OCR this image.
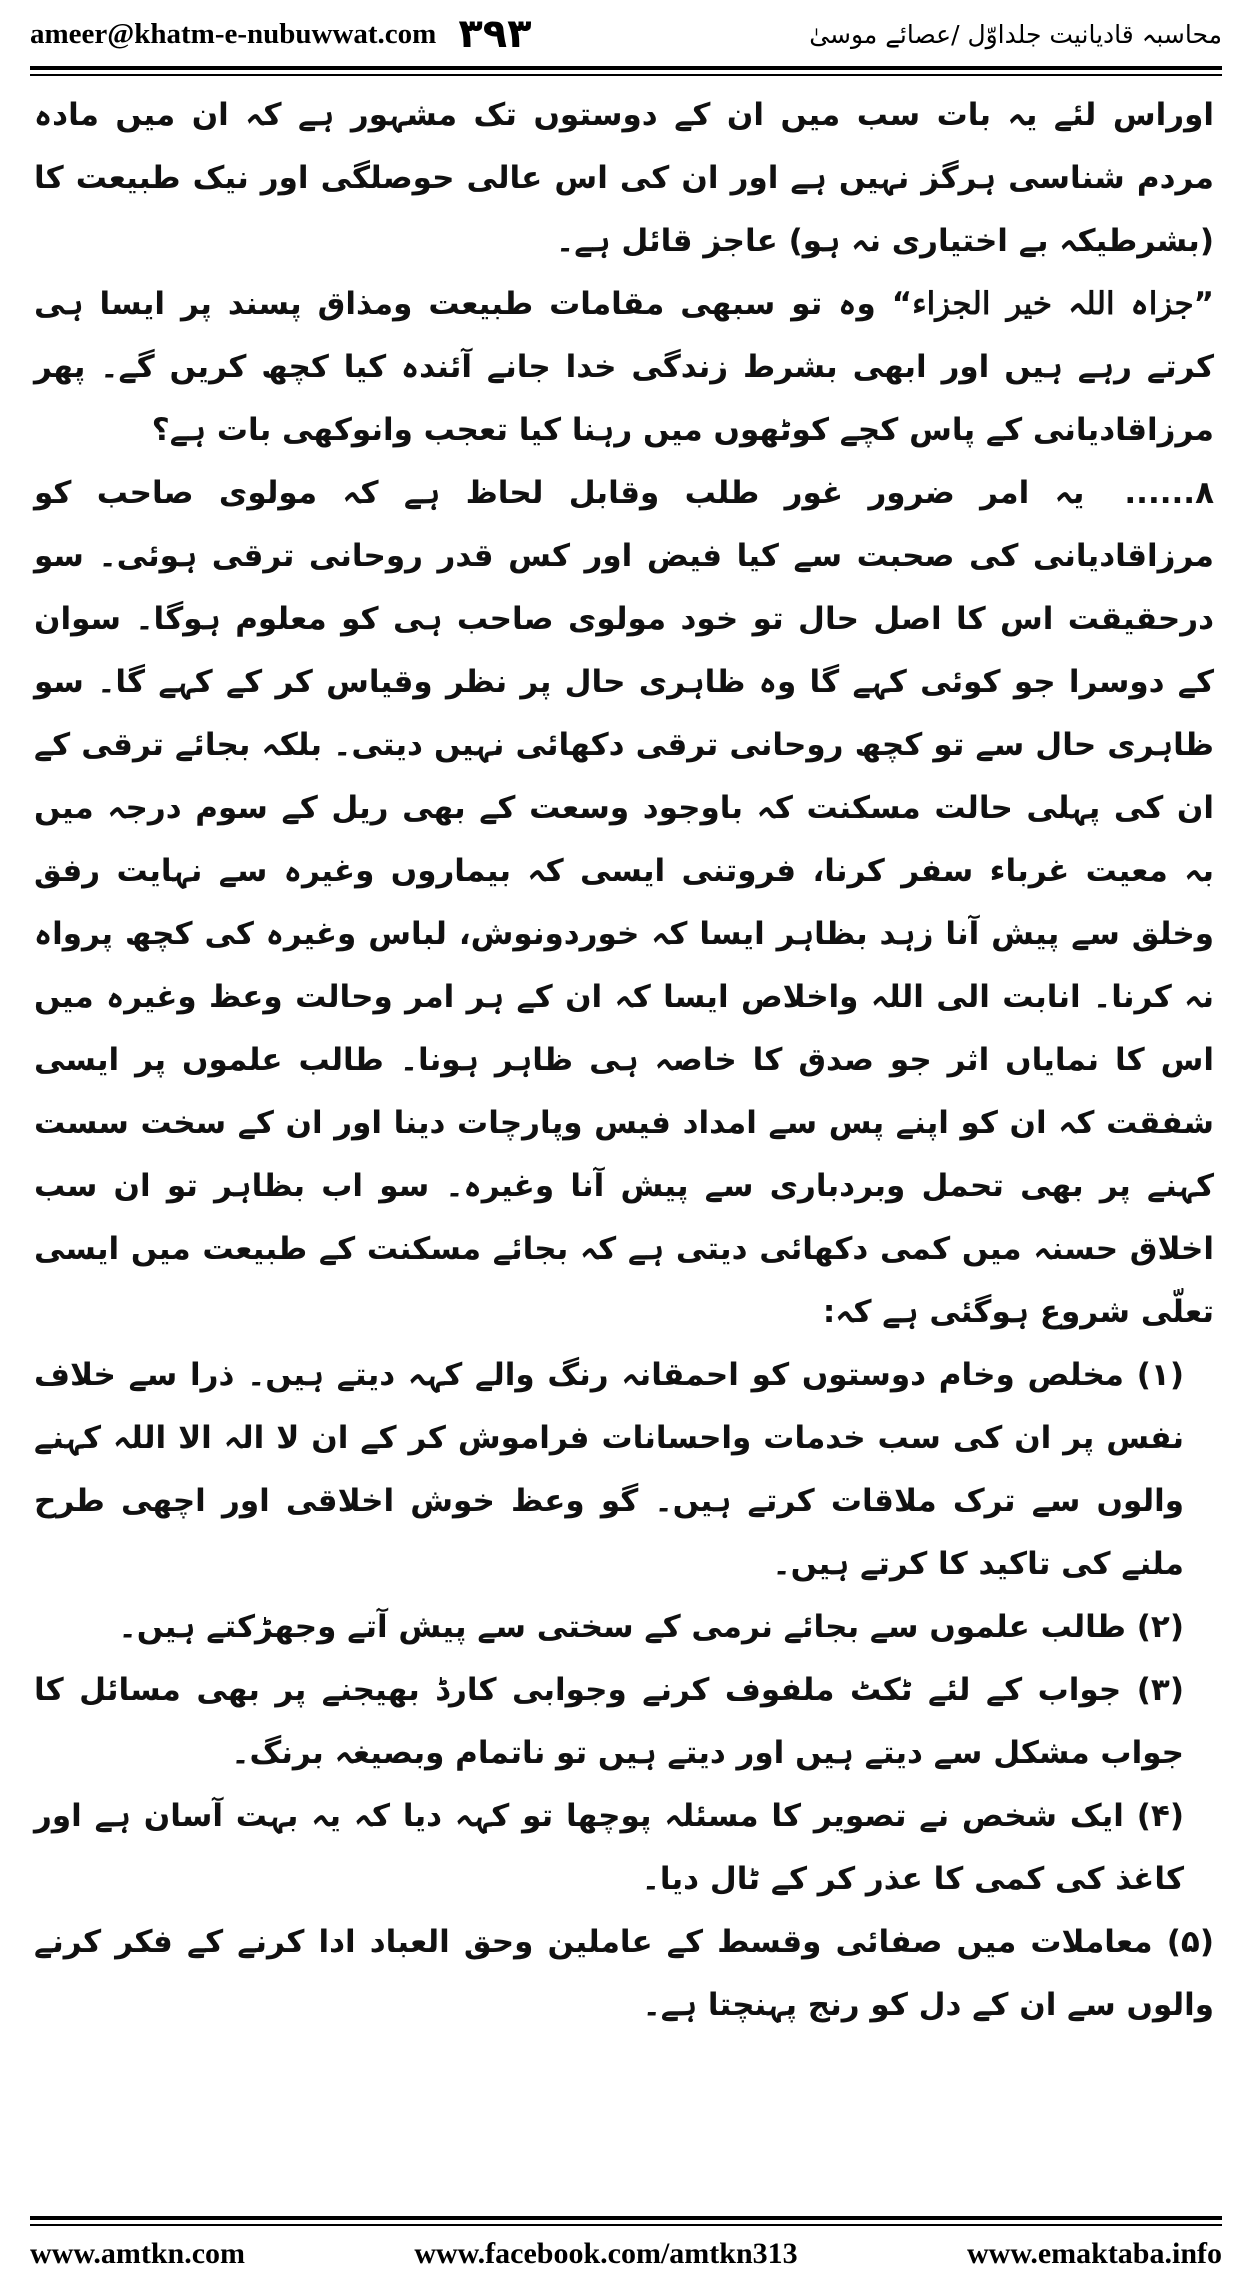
ameer@khatm-e-nubuwwat.com ۳۹۳	محاسبہ قادیانیت جلداوّل /عصائے موسیٰ

اوراس لئے یہ بات سب میں ان کے دوستوں تک مشہور ہے کہ ان میں مادہ مردم شناسی ہرگز نہیں ہے اور ان کی اس عالی حوصلگی اور نیک طبیعت کا (بشرطیکہ بے اختیاری نہ ہو) عاجز قائل ہے۔

”جزاہ اللہ خیر الجزاء“ وہ تو سبھی مقامات طبیعت ومذاق پسند پر ایسا ہی کرتے رہے ہیں اور ابھی بشرط زندگی خدا جانے آئندہ کیا کچھ کریں گے۔ پھر مرزاقادیانی کے پاس کچے کوٹھوں میں رہنا کیا تعجب وانوکھی بات ہے؟

۸......یہ امر ضرور غور طلب وقابل لحاظ ہے کہ مولوی صاحب کو مرزاقادیانی کی صحبت سے کیا فیض اور کس قدر روحانی ترقی ہوئی۔ سو درحقیقت اس کا اصل حال تو خود مولوی صاحب ہی کو معلوم ہوگا۔ سوان کے دوسرا جو کوئی کہے گا وہ ظاہری حال پر نظر وقیاس کر کے کہے گا۔ سو ظاہری حال سے تو کچھ روحانی ترقی دکھائی نہیں دیتی۔ بلکہ بجائے ترقی کے ان کی پہلی حالت مسکنت کہ باوجود وسعت کے بھی ریل کے سوم درجہ میں بہ معیت غرباء سفر کرنا، فروتنی ایسی کہ بیماروں وغیرہ سے نہایت رفق وخلق سے پیش آنا زہد بظاہر ایسا کہ خوردونوش، لباس وغیرہ کی کچھ پرواہ نہ کرنا۔ انابت الی اللہ واخلاص ایسا کہ ان کے ہر امر وحالت وعظ وغیرہ میں اس کا نمایاں اثر جو صدق کا خاصہ ہی ظاہر ہونا۔ طالب علموں پر ایسی شفقت کہ ان کو اپنے پس سے امداد فیس وپارچات دینا اور ان کے سخت سست کہنے پر بھی تحمل وبردباری سے پیش آنا وغیرہ۔ سو اب بظاہر تو ان سب اخلاق حسنہ میں کمی دکھائی دیتی ہے کہ بجائے مسکنت کے طبیعت میں ایسی تعلّی شروع ہوگئی ہے کہ:

(۱) مخلص وخام دوستوں کو احمقانہ رنگ والے کہہ دیتے ہیں۔ ذرا سے خلاف نفس پر ان کی سب خدمات واحسانات فراموش کر کے ان لا الہ الا اللہ کہنے والوں سے ترک ملاقات کرتے ہیں۔ گو وعظ خوش اخلاقی اور اچھی طرح ملنے کی تاکید کا کرتے ہیں۔

(۲) طالب علموں سے بجائے نرمی کے سختی سے پیش آتے وجھڑکتے ہیں۔

(۳) جواب کے لئے ٹکٹ ملفوف کرنے وجوابی کارڈ بھیجنے پر بھی مسائل کا جواب مشکل سے دیتے ہیں اور دیتے ہیں تو ناتمام وبصیغہ برنگ۔

(۴) ایک شخص نے تصویر کا مسئلہ پوچھا تو کہہ دیا کہ یہ بہت آسان ہے اور کاغذ کی کمی کا عذر کر کے ٹال دیا۔

(۵) معاملات میں صفائی وقسط کے عاملین وحق العباد ادا کرنے کے فکر کرنے والوں سے ان کے دل کو رنج پہنچتا ہے۔

www.amtkn.com	www.facebook.com/amtkn313	www.emaktaba.info
